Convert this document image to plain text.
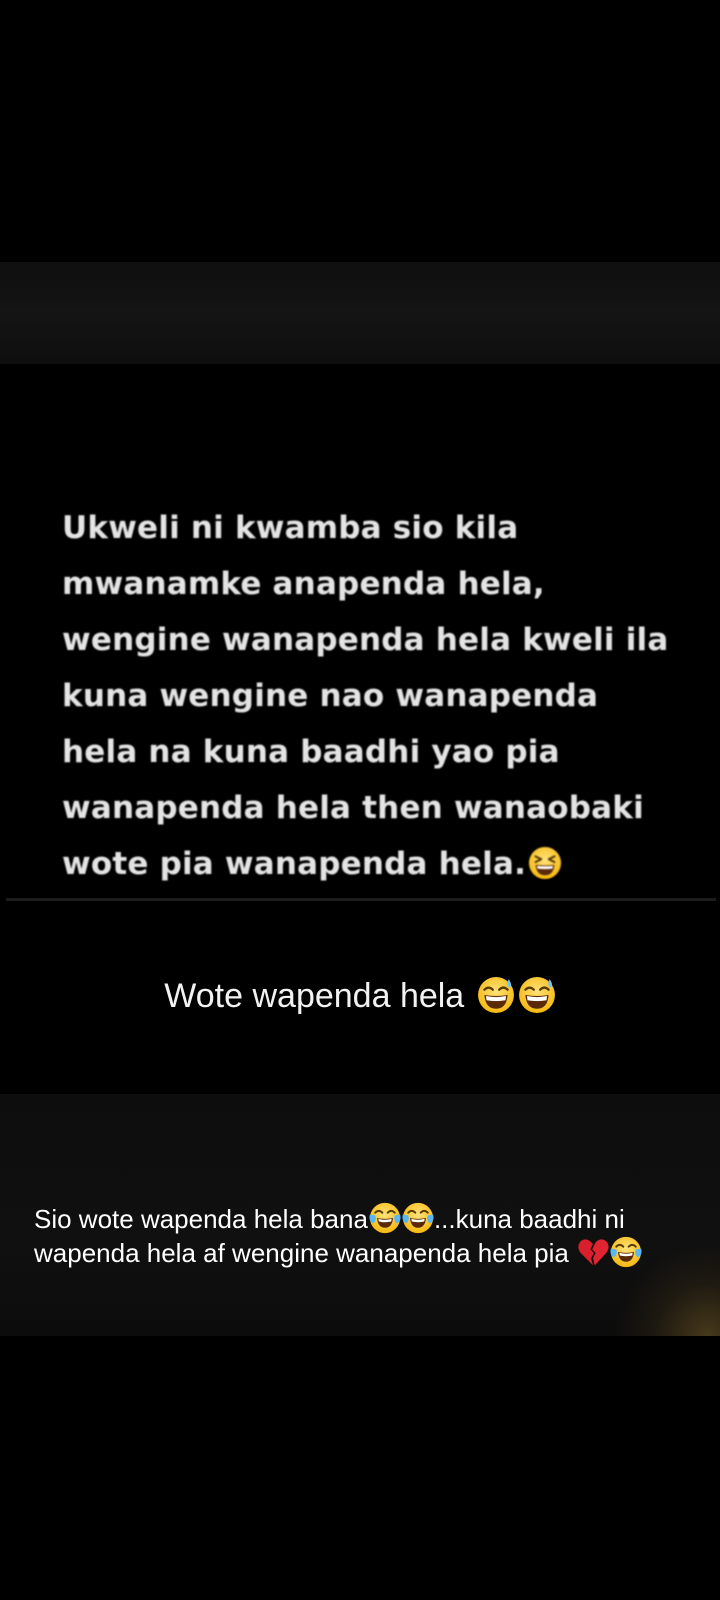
Ukweli ni kwamba sio kila
mwanamke anapenda hela,
wengine wanapenda hela kweli ila
kuna wengine nao wanapenda
hela na kuna baadhi yao pia
wanapenda hela then wanaobaki
wote pia wanapenda hela.
Wote wapenda hela
Sio wote wapenda hela bana	...kuna baadhi ni wapenda hela af wengine wanapenda hela pia
